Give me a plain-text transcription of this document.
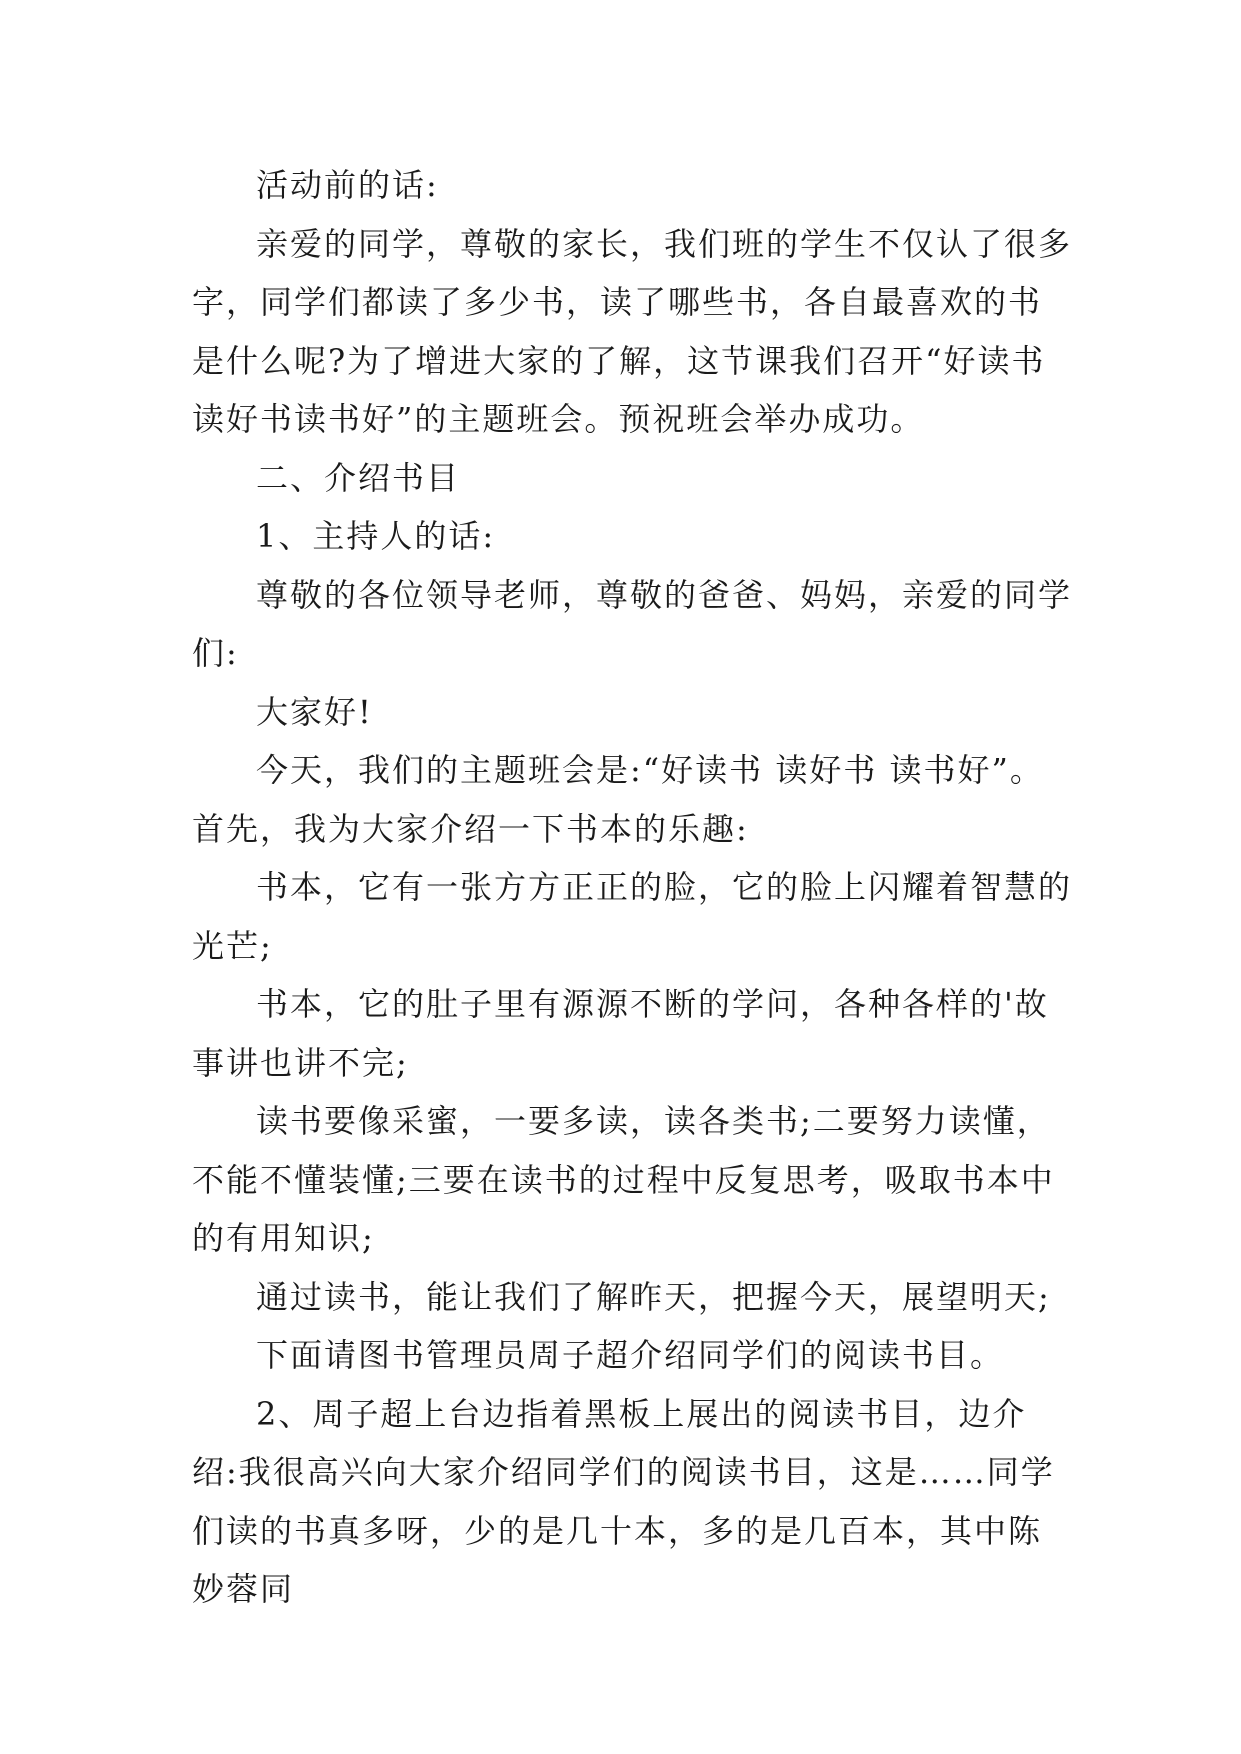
活动前的话:

亲爱的同学，尊敬的家长，我们班的学生不仅认了很多字，同学们都读了多少书，读了哪些书，各自最喜欢的书是什么呢?为了增进大家的了解，这节课我们召开“好读书读好书读书好”的主题班会。预祝班会举办成功。

二、介绍书目

1、主持人的话:

尊敬的各位领导老师，尊敬的爸爸、妈妈，亲爱的同学们:

大家好!

今天，我们的主题班会是:“好读书 读好书 读书好”。首先，我为大家介绍一下书本的乐趣:

书本，它有一张方方正正的脸，它的脸上闪耀着智慧的光芒;

书本，它的肚子里有源源不断的学问，各种各样的'故事讲也讲不完;

读书要像采蜜，一要多读，读各类书;二要努力读懂，不能不懂装懂;三要在读书的过程中反复思考，吸取书本中的有用知识;

通过读书，能让我们了解昨天，把握今天，展望明天;

下面请图书管理员周子超介绍同学们的阅读书目。

2、周子超上台边指着黑板上展出的阅读书目，边介绍:我很高兴向大家介绍同学们的阅读书目，这是……同学们读的书真多呀，少的是几十本，多的是几百本，其中陈妙蓉同
